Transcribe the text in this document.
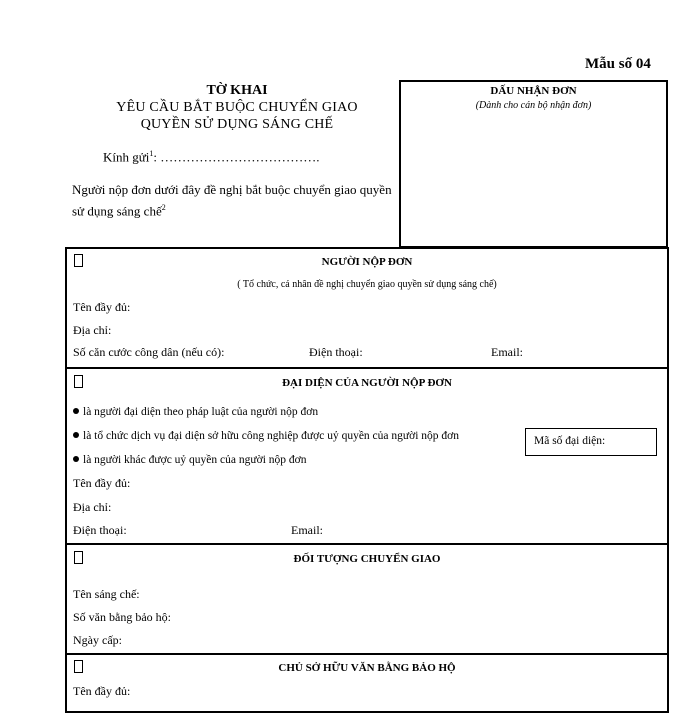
Mẫu số 04
TỜ KHAI
YÊU CẦU BẮT BUỘC CHUYỂN GIAO
QUYỀN SỬ DỤNG SÁNG CHẾ
Kính gửi$^1$: ……………………………….
Người nộp đơn dưới đây đề nghị bắt buộc chuyển giao quyền sử dụng sáng chế$^2$
DẤU NHẬN ĐƠN
(Dành cho cán bộ nhận đơn)
NGƯỜI NỘP ĐƠN
( Tổ chức, cá nhân đề nghị chuyển giao quyền sử dụng sáng chế)
Tên đầy đủ:
Địa chỉ:
Số căn cước công dân (nếu có):	Điện thoại:	Email:
ĐẠI DIỆN CỦA NGƯỜI NỘP ĐƠN
là người đại diện theo pháp luật của người nộp đơn
là tổ chức dịch vụ đại diện sở hữu công nghiệp được uỷ quyền của người nộp đơn
là người khác được uỷ quyền của người nộp đơn
Mã số đại diện:
Tên đầy đủ:
Địa chỉ:
Điện thoại:	Email:
ĐỐI TƯỢNG CHUYỂN GIAO
Tên sáng chế:
Số văn bằng bảo hộ:
Ngày cấp:
CHỦ SỞ HỮU VĂN BẰNG BẢO HỘ
Tên đầy đủ:
